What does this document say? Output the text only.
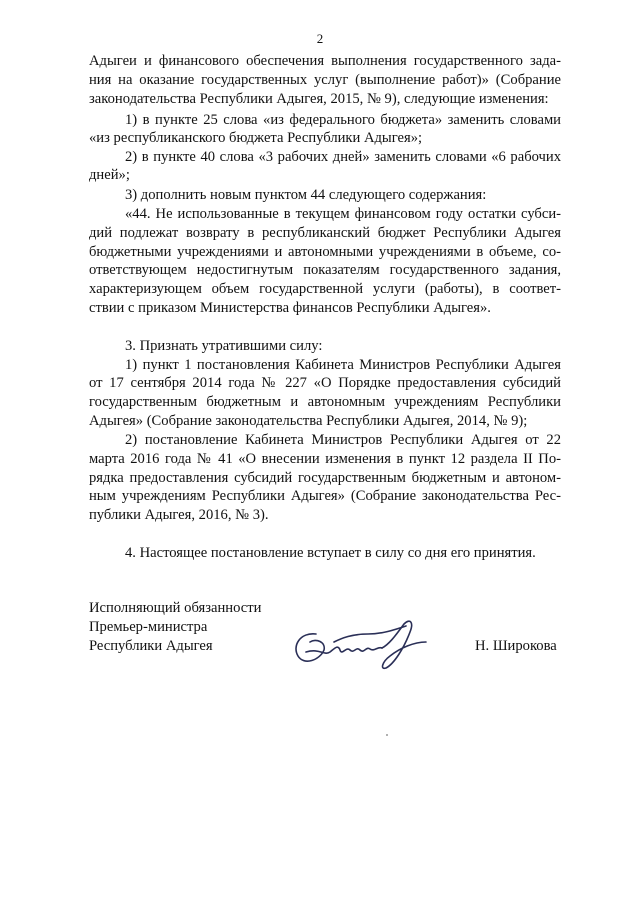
2
Адыгеи и финансового обеспечения выполнения государственного зада-
ния на оказание государственных услуг (выполнение работ)» (Собрание
законодательства Республики Адыгея, 2015, № 9), следующие изменения:
1) в пункте 25 слова «из федерального бюджета» заменить словами
«из республиканского бюджета Республики Адыгея»;
2) в пункте 40 слова «3 рабочих дней» заменить словами «6 рабочих
дней»;
3) дополнить новым пунктом 44 следующего содержания:
«44. Не использованные в текущем финансовом году остатки субси-
дий подлежат возврату в республиканский бюджет Республики Адыгея
бюджетными учреждениями и автономными учреждениями в объеме, со-
ответствующем недостигнутым показателям государственного задания,
характеризующем объем государственной услуги (работы), в соответ-
ствии с приказом Министерства финансов Республики Адыгея».
3. Признать утратившими силу:
1) пункт 1 постановления Кабинета Министров Республики Адыгея
от 17 сентября 2014 года № 227 «О Порядке предоставления субсидий
государственным бюджетным и автономным учреждениям Республики
Адыгея» (Собрание законодательства Республики Адыгея, 2014, № 9);
2) постановление Кабинета Министров Республики Адыгея от 22
марта 2016 года № 41 «О внесении изменения в пункт 12 раздела II По-
рядка предоставления субсидий государственным бюджетным и автоном-
ным учреждениям Республики Адыгея» (Собрание законодательства Рес-
публики Адыгея, 2016, № 3).
4. Настоящее постановление вступает в силу со дня его принятия.
Исполняющий обязанности
Премьер-министра
Республики Адыгея	Н. Широкова
